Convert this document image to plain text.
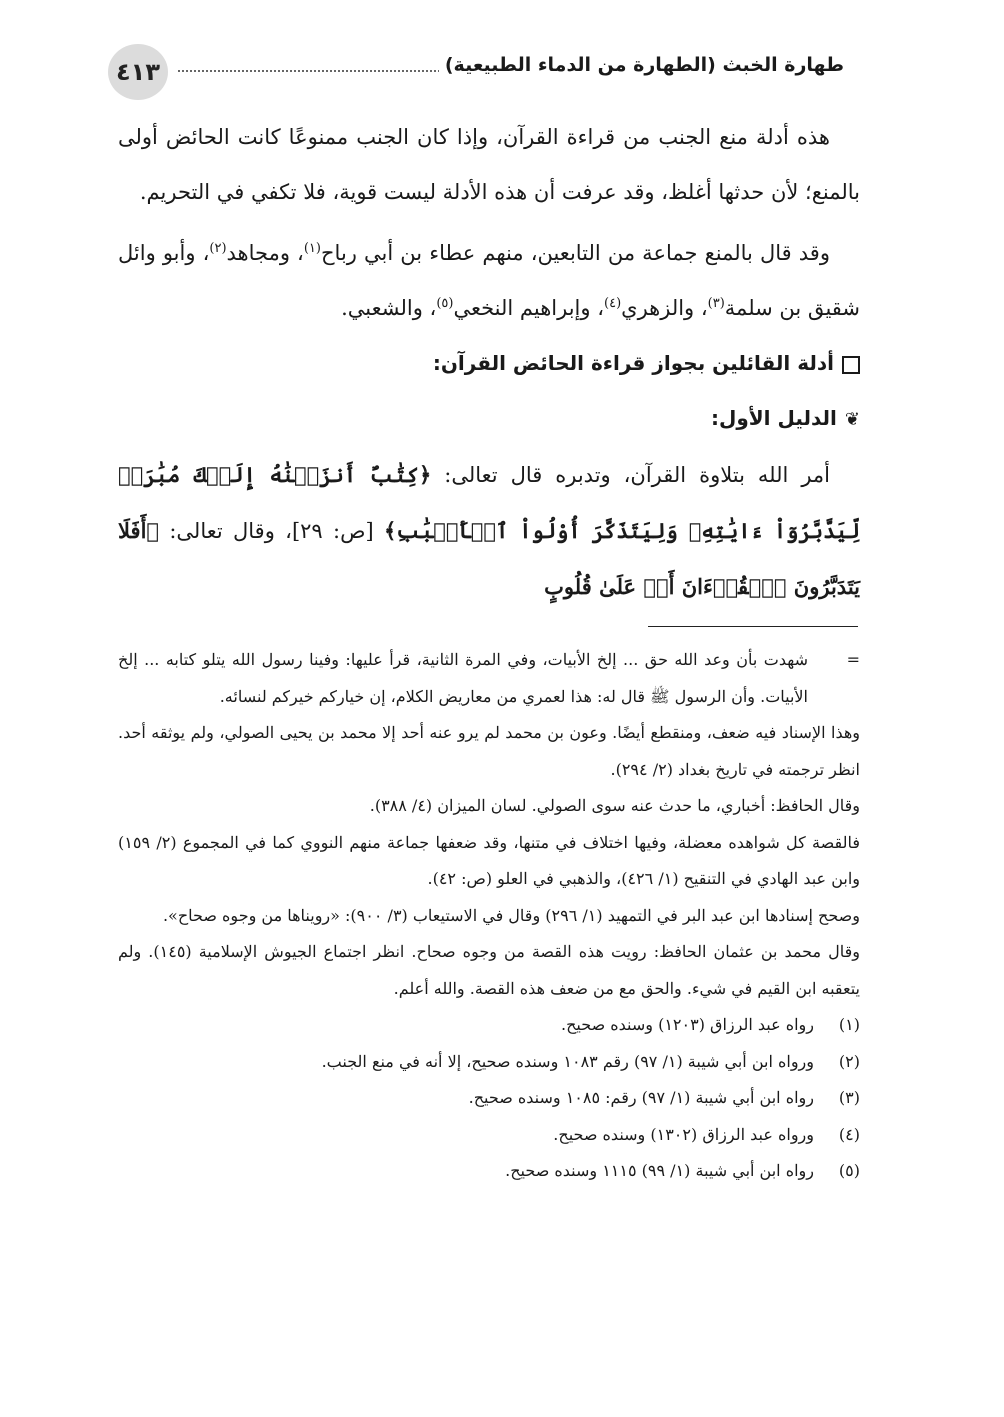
٤١٣	طهارة الخبث (الطهارة من الدماء الطبيعية)

هذه أدلة منع الجنب من قراءة القرآن، وإذا كان الجنب ممنوعًا كانت الحائض أولى بالمنع؛ لأن حدثها أغلظ، وقد عرفت أن هذه الأدلة ليست قوية، فلا تكفي في التحريم.

وقد قال بالمنع جماعة من التابعين، منهم عطاء بن أبي رباح$^{(١)}$، ومجاهد$^{(٢)}$، وأبو وائل شقيق بن سلمة$^{(٣)}$، والزهري$^{(٤)}$، وإبراهيم النخعي$^{(٥)}$، والشعبي.

أدلة القائلين بجواز قراءة الحائض القرآن:

❦الدليل الأول:

أمر الله بتلاوة القرآن، وتدبره قال تعالى: ﴿كِتَٰبٌ أَنزَلۡنَٰهُ إِلَيۡكَ مُبَٰرَكٞ لِّيَدَّبَّرُوٓاْ ءَايَٰتِهِۦ وَلِيَتَذَكَّرَ أُوْلُواْ ٱلۡأَلۡبَٰبِ﴾ [ص: ٢٩]، وقال تعالى: ﴿أَفَلَا يَتَدَبَّرُونَ ٱلۡقُرۡءَانَ أَمۡ عَلَىٰ قُلُوبٍ

=
شهدت بأن وعد الله حق ... إلخ الأبيات، وفي المرة الثانية، قرأ عليها: وفينا رسول الله يتلو كتابه ... إلخ الأبيات. وأن الرسول ﷺ قال له: هذا لعمري من معاريض الكلام، إن خياركم خيركم لنسائه.

وهذا الإسناد فيه ضعف، ومنقطع أيضًا. وعون بن محمد لم يرو عنه أحد إلا محمد بن يحيى الصولي، ولم يوثقه أحد. انظر ترجمته في تاريخ بغداد (٢/ ٢٩٤).

وقال الحافظ: أخباري، ما حدث عنه سوى الصولي. لسان الميزان (٤/ ٣٨٨).

فالقصة كل شواهده معضلة، وفيها اختلاف في متنها، وقد ضعفها جماعة منهم النووي كما في المجموع (٢/ ١٥٩) وابن عبد الهادي في التنقيح (١/ ٤٢٦)، والذهبي في العلو (ص: ٤٢).

وصحح إسنادها ابن عبد البر في التمهيد (١/ ٢٩٦) وقال في الاستيعاب (٣/ ٩٠٠): «رويناها من وجوه صحاح».

وقال محمد بن عثمان الحافظ: رويت هذه القصة من وجوه صحاح. انظر اجتماع الجيوش الإسلامية (١٤٥). ولم يتعقبه ابن القيم في شيء. والحق مع من ضعف هذه القصة. والله أعلم.

(١)رواه عبد الرزاق (١٢٠٣) وسنده صحيح.
(٢)ورواه ابن أبي شيبة (١/ ٩٧) رقم ١٠٨٣ وسنده صحيح، إلا أنه في منع الجنب.
(٣)رواه ابن أبي شيبة (١/ ٩٧) رقم: ١٠٨٥ وسنده صحيح.
(٤)ورواه عبد الرزاق (١٣٠٢) وسنده صحيح.
(٥)رواه ابن أبي شيبة (١/ ٩٩) ١١١٥ وسنده صحيح.
